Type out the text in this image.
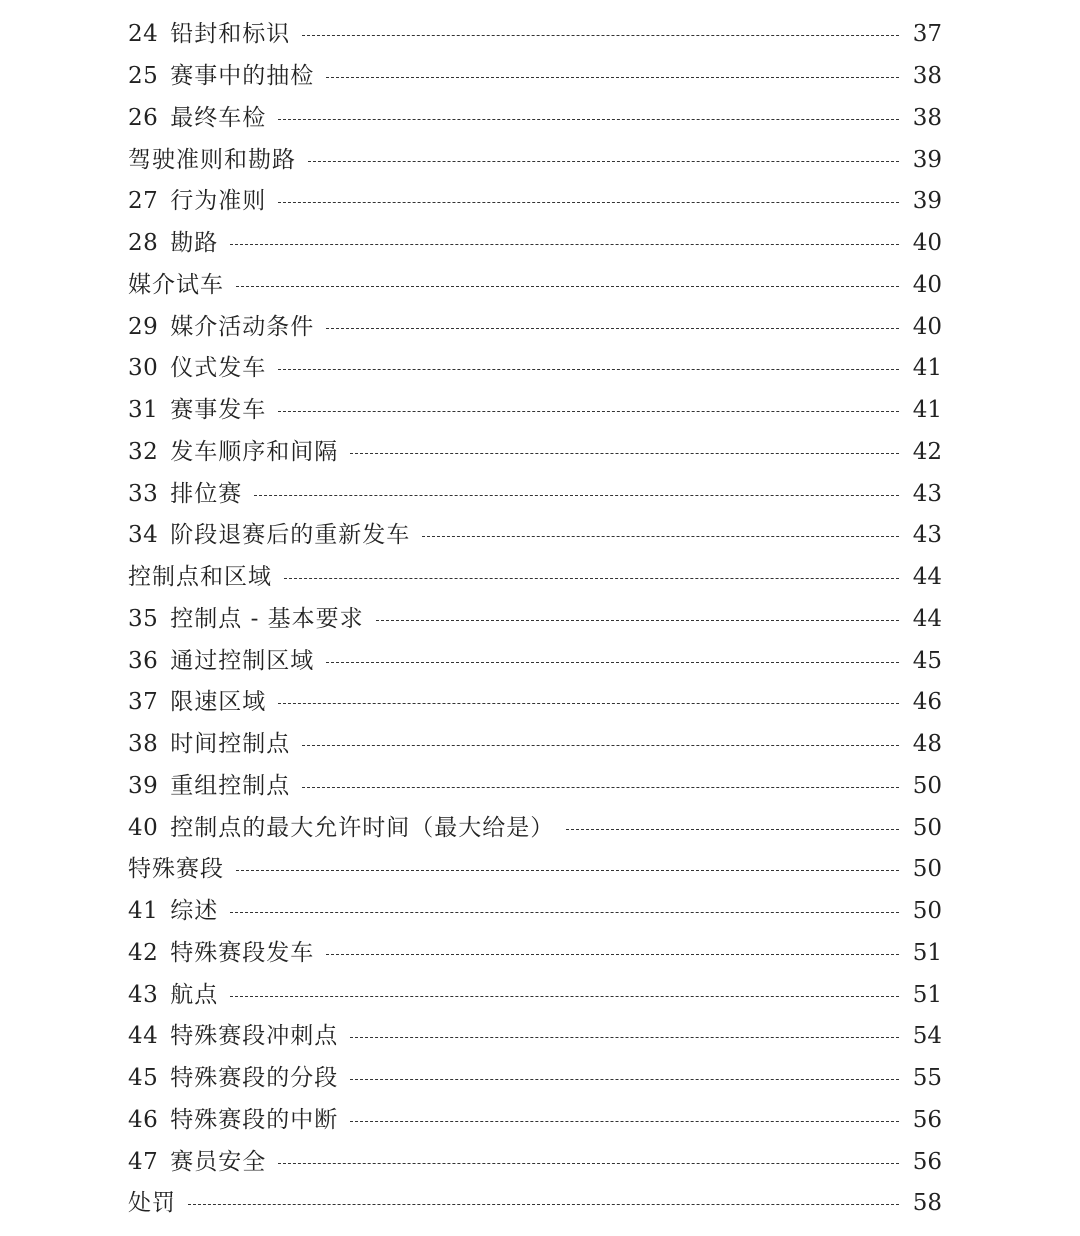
24 铅封和标识	37
25 赛事中的抽检	38
26 最终车检	38
驾驶准则和勘路	39
27 行为准则	39
28 勘路	40
媒介试车	40
29 媒介活动条件	40
30 仪式发车	41
31 赛事发车	41
32 发车顺序和间隔	42
33 排位赛	43
34 阶段退赛后的重新发车	43
控制点和区域	44
35 控制点 - 基本要求	44
36 通过控制区域	45
37 限速区域	46
38 时间控制点	48
39 重组控制点	50
40 控制点的最大允许时间（最大给是）	50
特殊赛段	50
41 综述	50
42 特殊赛段发车	51
43 航点	51
44 特殊赛段冲刺点	54
45 特殊赛段的分段	55
46 特殊赛段的中断	56
47 赛员安全	56
处罚	58
